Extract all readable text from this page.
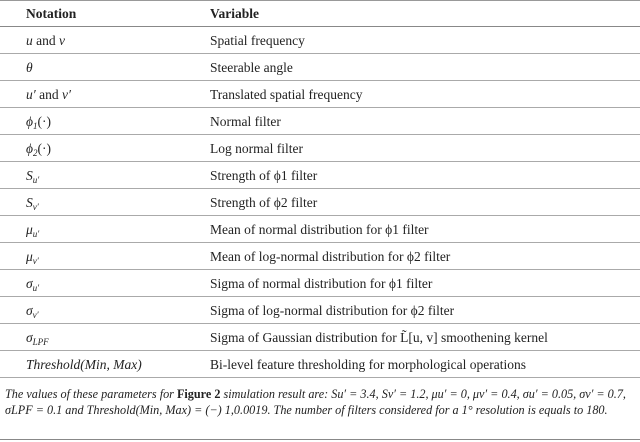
Notation	Variable
u and v	Spatial frequency
θ	Steerable angle
u′ and v′	Translated spatial frequency
$\phi_1(\cdot)$	Normal filter
$\phi_2(\cdot)$	Log normal filter
$S_{u'}$	Strength of ϕ1 filter
$S_{v'}$	Strength of ϕ2 filter
$\mu_{u'}$	Mean of normal distribution for ϕ1 filter
$\mu_{v'}$	Mean of log-normal distribution for ϕ2 filter
$\sigma_{u'}$	Sigma of normal distribution for ϕ1 filter
$\sigma_{v'}$	Sigma of log-normal distribution for ϕ2 filter
$\sigma_{LPF}$	Sigma of Gaussian distribution for L̃[u, v] smoothening kernel
Threshold(Min, Max)	Bi-level feature thresholding for morphological operations
The values of these parameters for Figure 2 simulation result are: Su′ = 3.4, Sv′ = 1.2, μu′ = 0, μv′ = 0.4, σu′ = 0.05, σv′ = 0.7, σLPF = 0.1 and Threshold(Min, Max) = (−) 1,0.0019. The number of filters considered for a 1° resolution is equals to 180.
